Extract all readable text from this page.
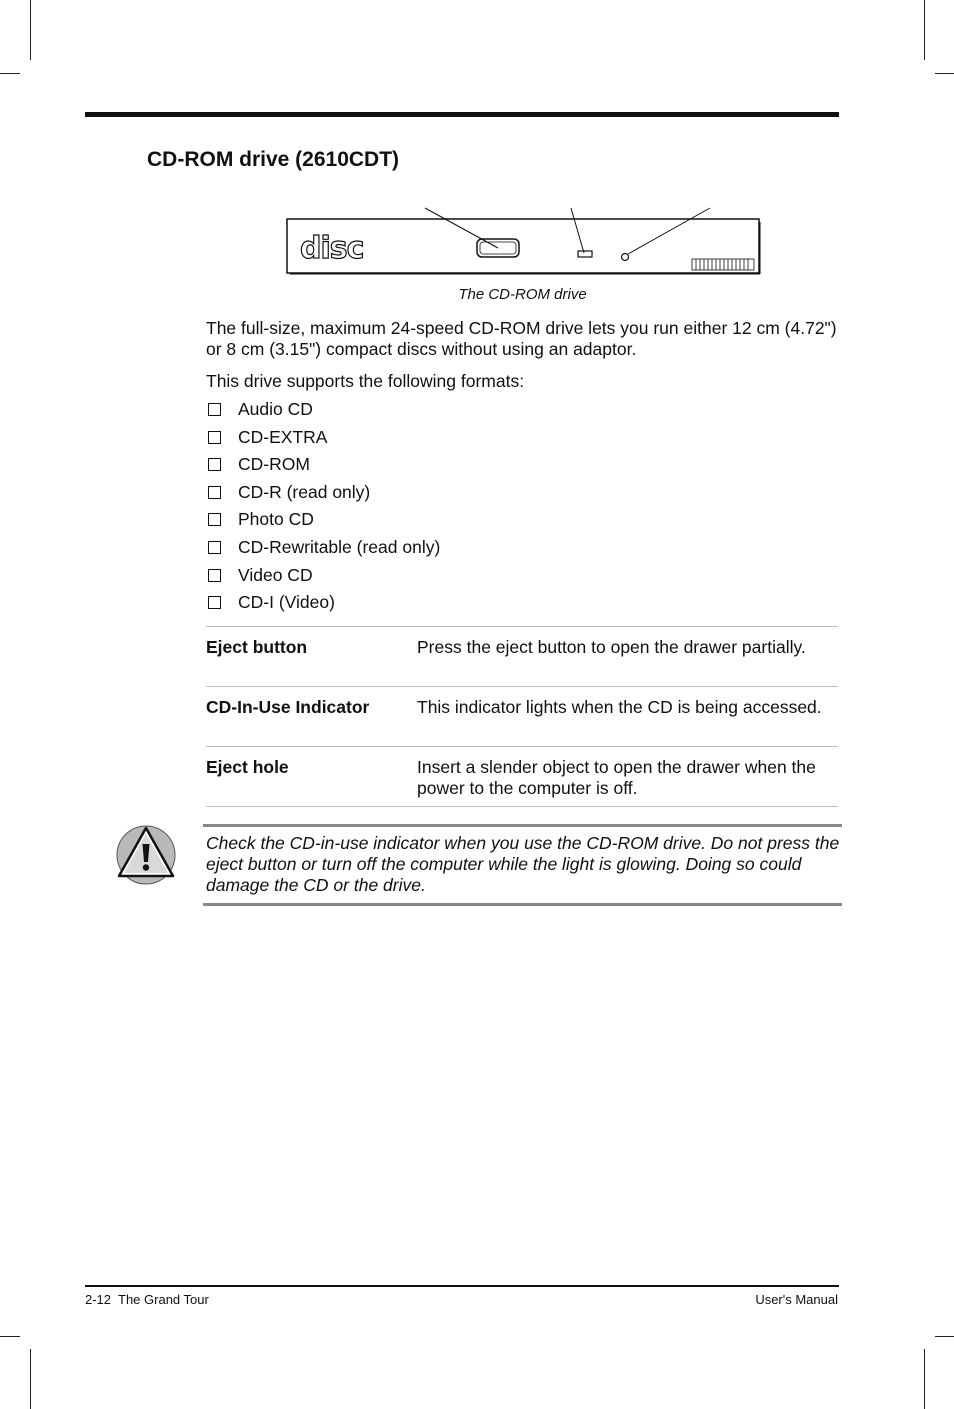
CD-ROM drive (2610CDT)
disc
The CD-ROM drive

The full-size, maximum 24-speed CD-ROM drive lets you run either 12 cm (4.72") or 8 cm (3.15") compact discs without using an adaptor.

This drive supports the following formats:

Audio CD
CD-EXTRA
CD-ROM
CD-R (read only)
Photo CD
CD-Rewritable (read only)
Video CD
CD-I (Video)
Eject button	Press the eject button to open the drawer partially.
CD-In-Use Indicator	This indicator lights when the CD is being accessed.
Eject hole	Insert a slender object to open the drawer when the power to the computer is off.

Check the CD-in-use indicator when you use the CD-ROM drive. Do not press the eject button or turn off the computer while the light is glowing. Doing so could damage the CD or the drive.

2-12  The Grand Tour	User's Manual
